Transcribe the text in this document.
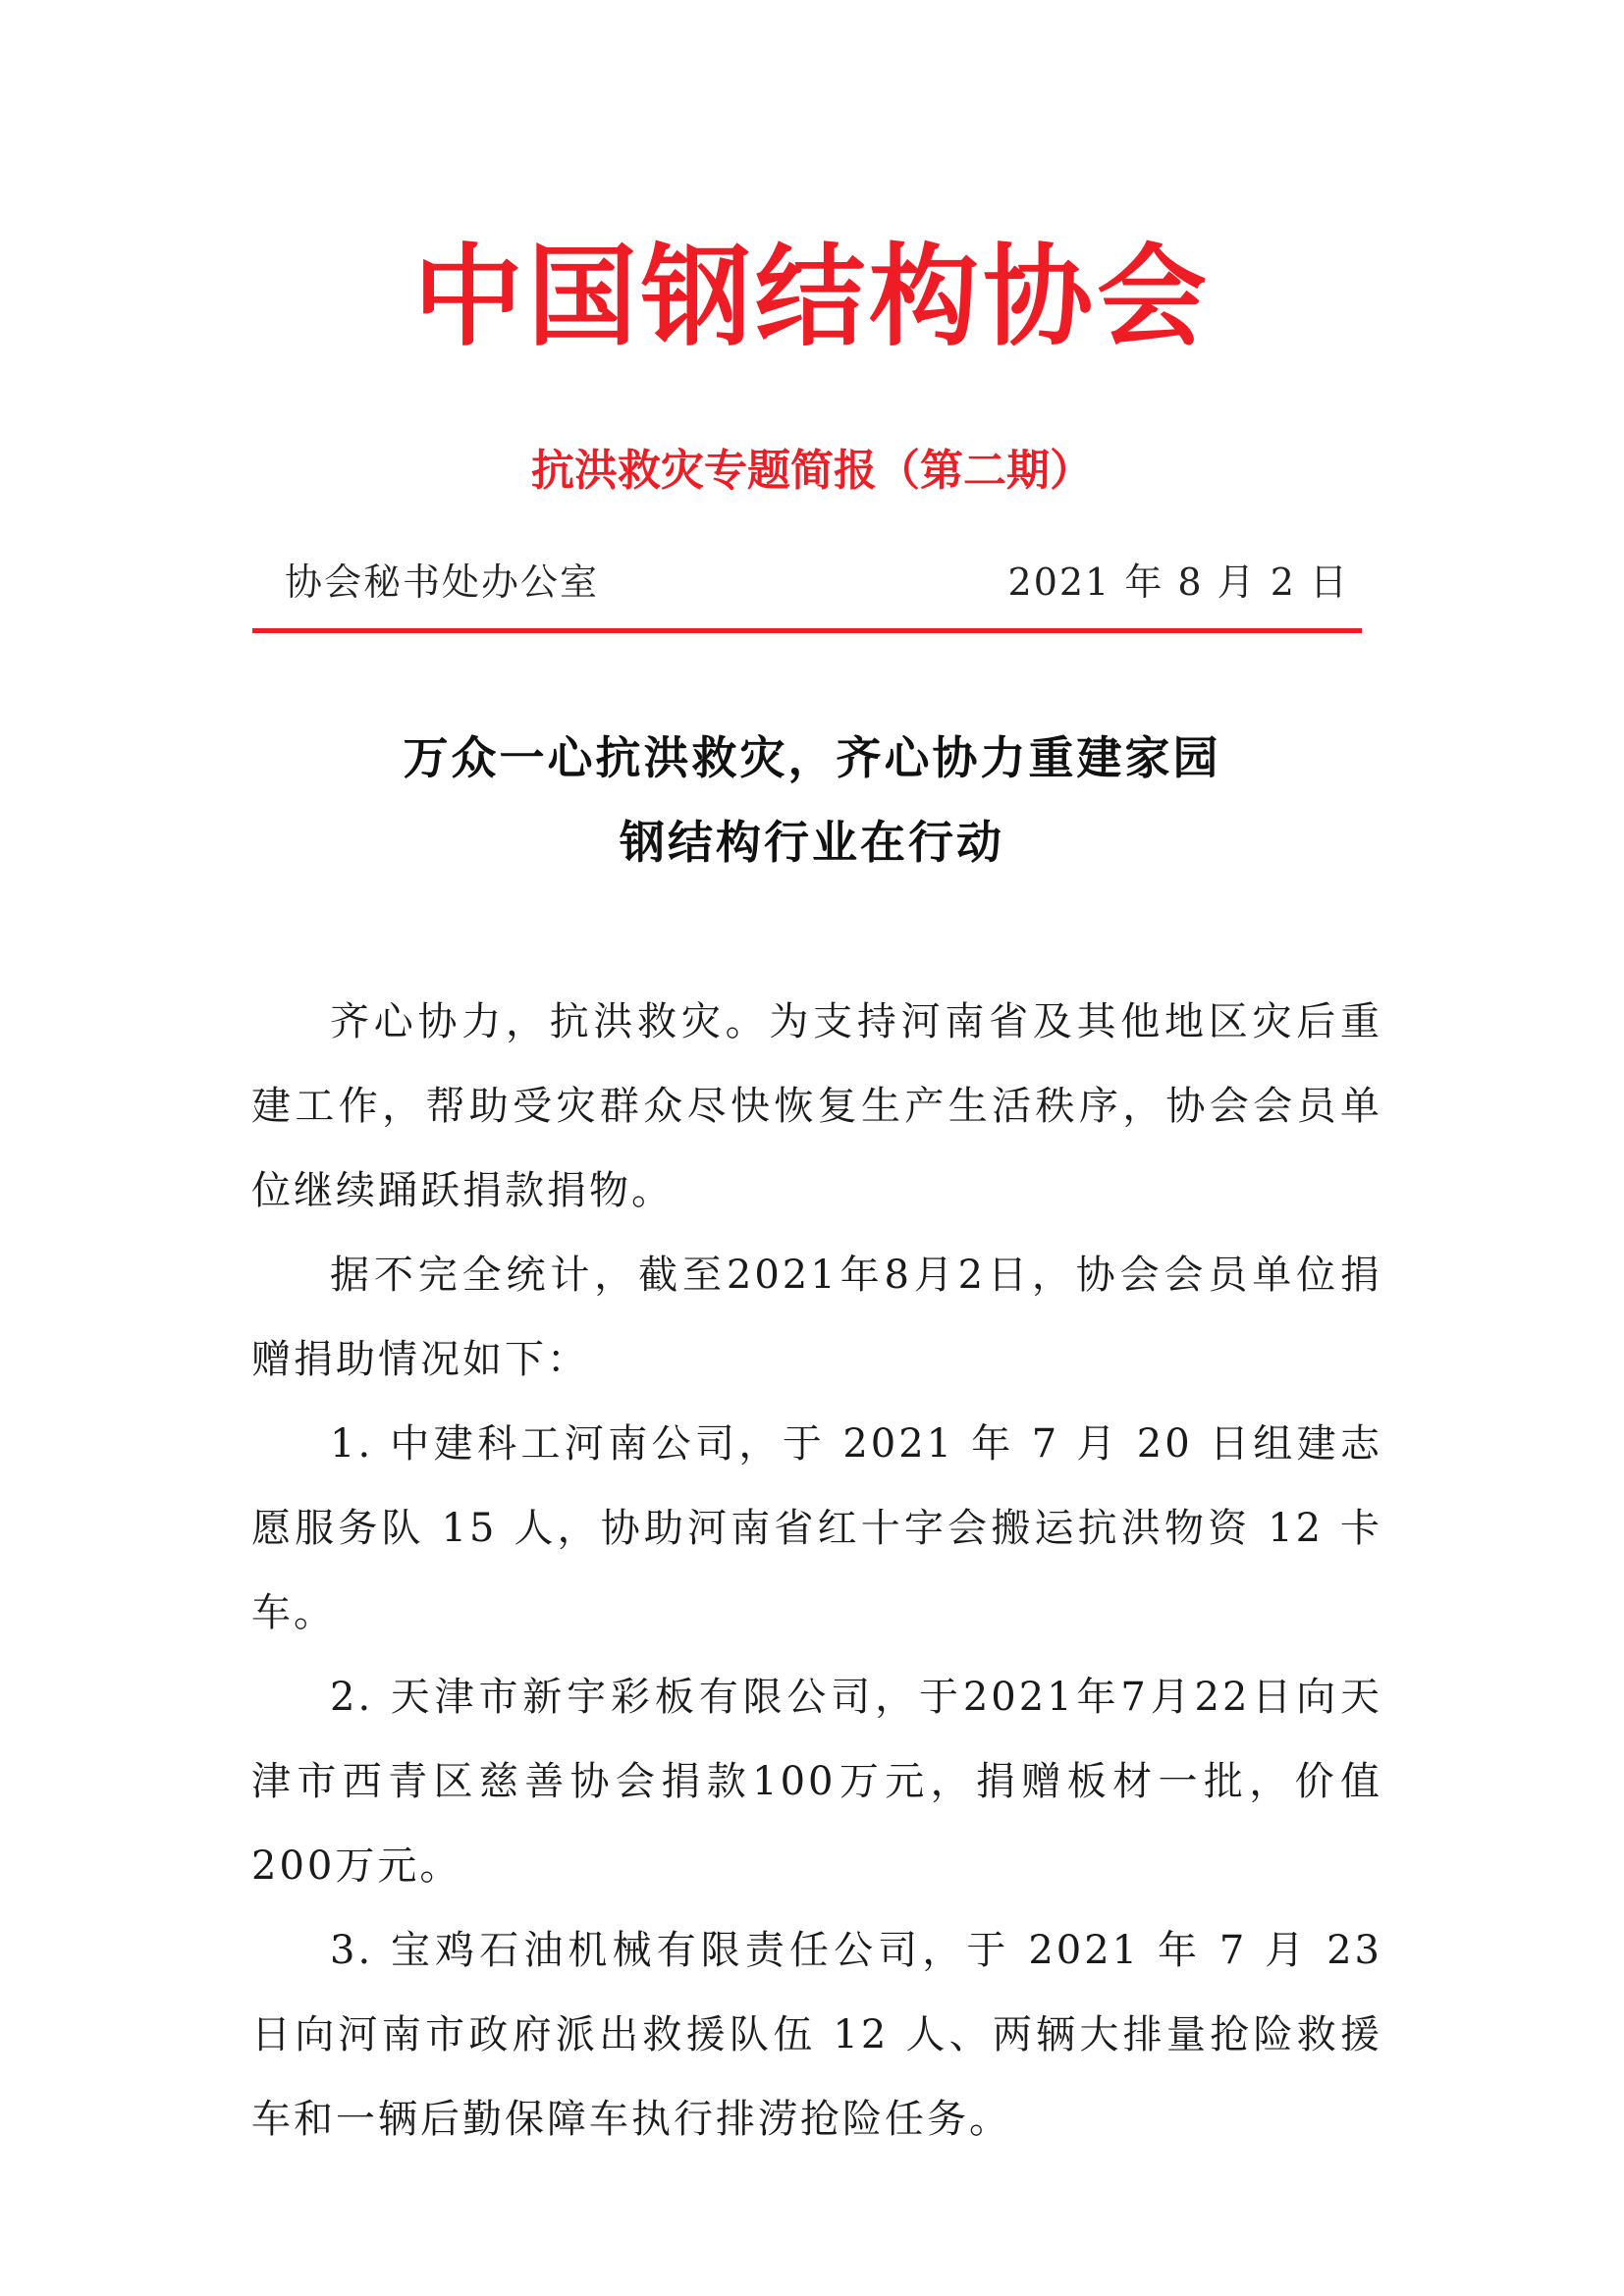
中国钢结构协会
抗洪救灾专题简报（第二期）
协会秘书处办公室	2021 年 8 月 2 日
万众一心抗洪救灾，齐心协力重建家园
钢结构行业在行动

齐心协力，抗洪救灾。为支持河南省及其他地区灾后重建工作，帮助受灾群众尽快恢复生产生活秩序，协会会员单位继续踊跃捐款捐物。

据不完全统计，截至2021年8月2日，协会会员单位捐赠捐助情况如下：

1. 中建科工河南公司，于 2021 年 7 月 20 日组建志愿服务队 15 人，协助河南省红十字会搬运抗洪物资 12 卡车。

2. 天津市新宇彩板有限公司，于2021年7月22日向天津市西青区慈善协会捐款100万元，捐赠板材一批，价值200万元。

3. 宝鸡石油机械有限责任公司，于 2021 年 7 月 23 日向河南市政府派出救援队伍 12 人、两辆大排量抢险救援车和一辆后勤保障车执行排涝抢险任务。
